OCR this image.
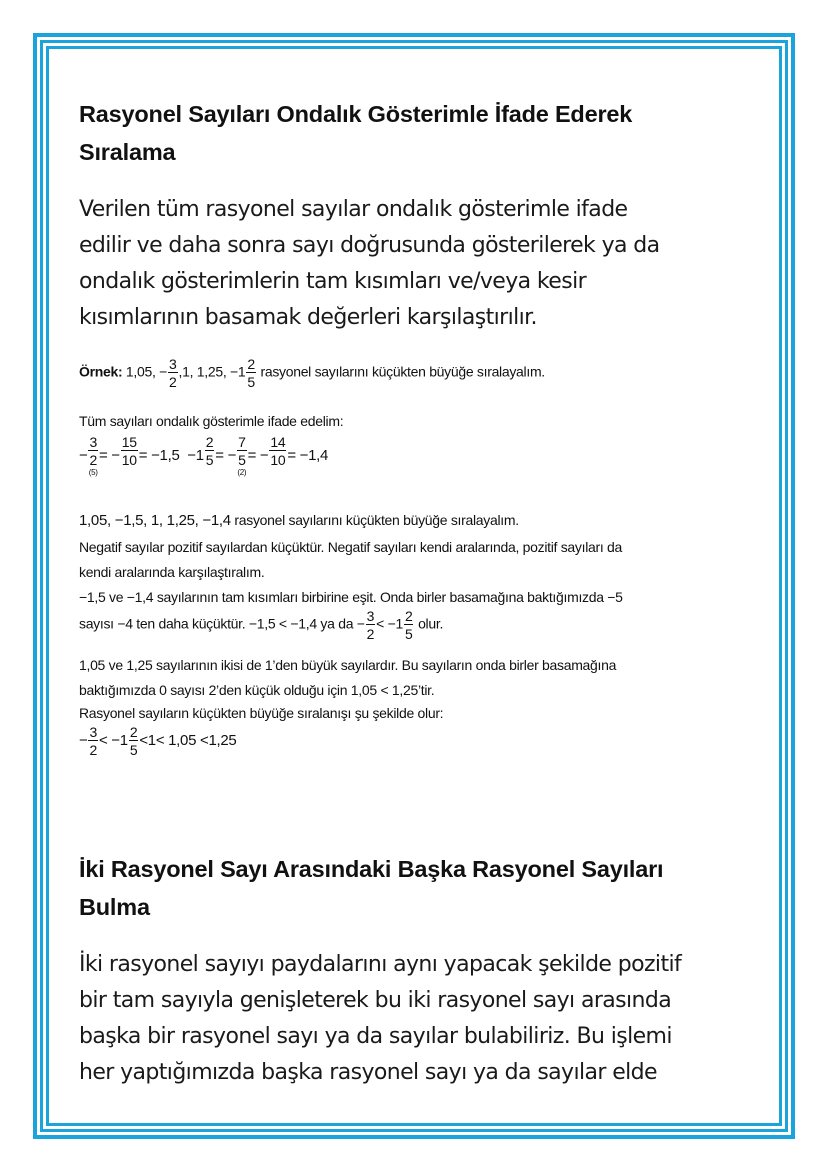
Rasyonel Sayıları Ondalık Gösterimle İfade Ederek
Sıralama
Verilen tüm rasyonel sayılar ondalık gösterimle ifade
edilir ve daha sonra sayı doğrusunda gösterilerek ya da
ondalık gösterimlerin tam kısımları ve/veya kesir
kısımlarının basamak değerleri karşılaştırılır.
Örnek: 1,05, − $\frac{3}{2} ,1$, 1,25, $-1 \frac{2}{5}$ rasyonel sayılarını küçükten büyüğe sıralayalım.
Tüm sayıları ondalık gösterimle ifade edelim:
−
3
2
(5)
= − $\frac{15}{10}$
= $-1,5 -1 \frac{2}{5}$
= −
7
5
(2)
= − $\frac{14}{10}$
= −1,4
1,05, −1,5, 1, 1,25, −1,4 rasyonel sayılarını küçükten büyüğe sıralayalım.
Negatif sayılar pozitif sayılardan küçüktür. Negatif sayıları kendi aralarında, pozitif sayıları da
kendi aralarında karşılaştıralım.
−1,5 ve −1,4 sayılarının tam kısımları birbirine eşit. Onda birler basamağına baktığımızda −5
sayısı −4 ten daha küçüktür. −1,5 < −1,4 ya da − $\frac{3}{2} < -1 \frac{2}{5}$ olur.
1,05 ve 1,25 sayılarının ikisi de 1’den büyük sayılardır. Bu sayıların onda birler basamağına
baktığımızda 0 sayısı 2’den küçük olduğu için 1,05 < 1,25’tir.
Rasyonel sayıların küçükten büyüğe sıralanışı şu şekilde olur:
− $\frac{3}{2} < -1 \frac{2}{5} <1< 1,05 <1,25$
İki Rasyonel Sayı Arasındaki Başka Rasyonel Sayıları
Bulma
İki rasyonel sayıyı paydalarını aynı yapacak şekilde pozitif
bir tam sayıyla genişleterek bu iki rasyonel sayı arasında
başka bir rasyonel sayı ya da sayılar bulabiliriz. Bu işlemi
her yaptığımızda başka rasyonel sayı ya da sayılar elde
